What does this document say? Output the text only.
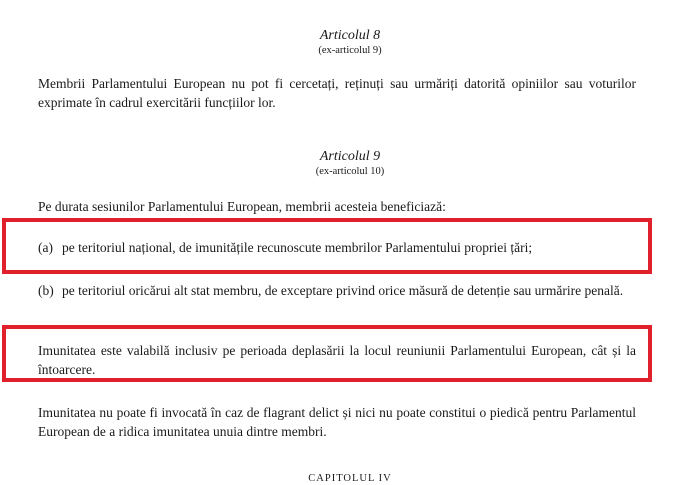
Articolul 8
(ex-articolul 9)
Membrii Parlamentului European nu pot fi cercetați, reținuți sau urmăriți datorită opiniilor sau voturilor exprimate în cadrul exercitării funcțiilor lor.
Articolul 9
(ex-articolul 10)
Pe durata sesiunilor Parlamentului European, membrii acesteia beneficiază:
(a) pe teritoriul național, de imunitățile recunoscute membrilor Parlamentului propriei țări;
(b) pe teritoriul oricărui alt stat membru, de exceptare privind orice măsură de detenție sau urmărire penală.
Imunitatea este valabilă inclusiv pe perioada deplasării la locul reuniunii Parlamentului European, cât și la întoarcere.
Imunitatea nu poate fi invocată în caz de flagrant delict și nici nu poate constitui o piedică pentru Parlamentul European de a ridica imunitatea unuia dintre membri.
CAPITOLUL IV
